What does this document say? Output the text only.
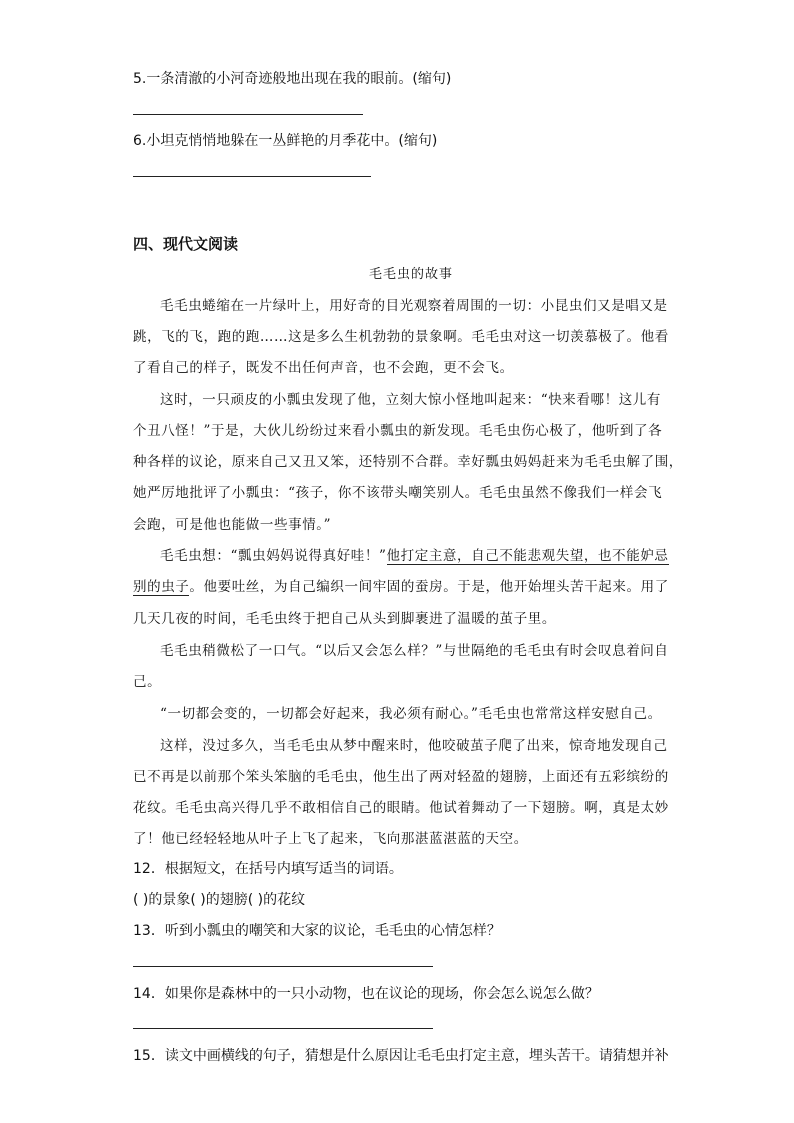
5.一条清澈的小河奇迹般地出现在我的眼前。(缩句)
6.小坦克悄悄地躲在一丛鲜艳的月季花中。(缩句)
四、现代文阅读
毛毛虫的故事
毛毛虫蜷缩在一片绿叶上，用好奇的目光观察着周围的一切：小昆虫们又是唱又是
跳，飞的飞，跑的跑……这是多么生机勃勃的景象啊。毛毛虫对这一切羡慕极了。他看
了看自己的样子，既发不出任何声音，也不会跑，更不会飞。
这时，一只顽皮的小瓢虫发现了他，立刻大惊小怪地叫起来：“快来看哪！这儿有
个丑八怪！”于是，大伙儿纷纷过来看小瓢虫的新发现。毛毛虫伤心极了，他听到了各
种各样的议论，原来自己又丑又笨，还特别不合群。幸好瓢虫妈妈赶来为毛毛虫解了围，
她严厉地批评了小瓢虫：“孩子，你不该带头嘲笑别人。毛毛虫虽然不像我们一样会飞
会跑，可是他也能做一些事情。”
毛毛虫想：“瓢虫妈妈说得真好哇！”他打定主意，自己不能悲观失望，也不能妒忌
别的虫子。他要吐丝，为自己编织一间牢固的蚕房。于是，他开始埋头苦干起来。用了
几天几夜的时间，毛毛虫终于把自己从头到脚裹进了温暖的茧子里。
毛毛虫稍微松了一口气。“以后又会怎么样？”与世隔绝的毛毛虫有时会叹息着问自
己。
“一切都会变的，一切都会好起来，我必须有耐心。”毛毛虫也常常这样安慰自己。
这样，没过多久，当毛毛虫从梦中醒来时，他咬破茧子爬了出来，惊奇地发现自己
已不再是以前那个笨头笨脑的毛毛虫，他生出了两对轻盈的翅膀，上面还有五彩缤纷的
花纹。毛毛虫高兴得几乎不敢相信自己的眼睛。他试着舞动了一下翅膀。啊，真是太妙
了！他已经轻轻地从叶子上飞了起来，飞向那湛蓝湛蓝的天空。
12．根据短文，在括号内填写适当的词语。
( )的景象( )的翅膀( )的花纹
13．听到小瓢虫的嘲笑和大家的议论，毛毛虫的心情怎样？
14．如果你是森林中的一只小动物，也在议论的现场，你会怎么说怎么做？
15．读文中画横线的句子，猜想是什么原因让毛毛虫打定主意，埋头苦干。请猜想并补
